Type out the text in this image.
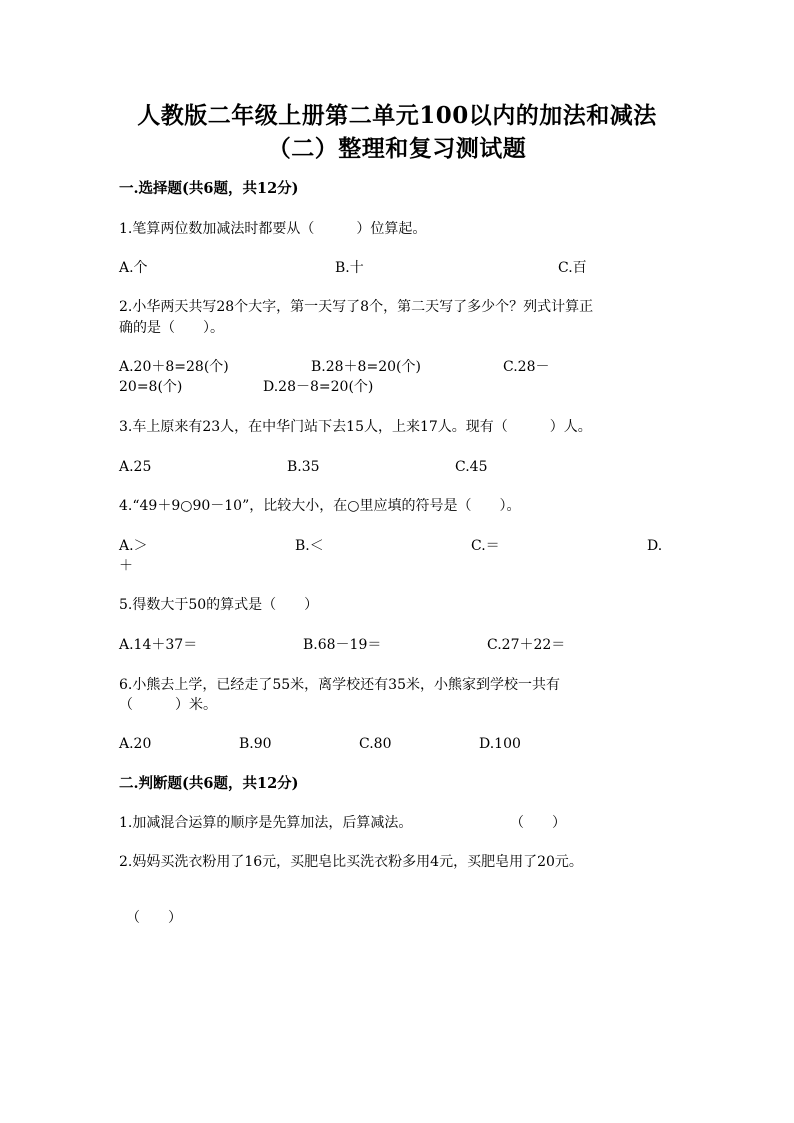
人教版二年级上册第二单元100以内的加法和减法
（二）整理和复习测试题
一.选择题(共6题，共12分)
1.笔算两位数加减法时都要从（　　　）位算起。
A.个	B.十	C.百
2.小华两天共写28个大字，第一天写了8个，第二天写了多少个？列式计算正
确的是（　　）。
A.20＋8=28(个)	B.28＋8=20(个)	C.28－
20=8(个)	D.28－8=20(个)
3.车上原来有23人，在中华门站下去15人，上来17人。现有（　　　）人。
A.25	B.35	C.45
4.“49＋9○90－10”，比较大小，在○里应填的符号是（　　）。
A.＞	B.＜	C.＝	D.
＋
5.得数大于50的算式是（　　）
A.14＋37＝	B.68－19＝	C.27＋22＝
6.小熊去上学，已经走了55米，离学校还有35米，小熊家到学校一共有
（　　　）米。
A.20	B.90	C.80	D.100
二.判断题(共6题，共12分)
1.加减混合运算的顺序是先算加法，后算减法。	（　　）
2.妈妈买洗衣粉用了16元，买肥皂比买洗衣粉多用4元，买肥皂用了20元。
（　　）
